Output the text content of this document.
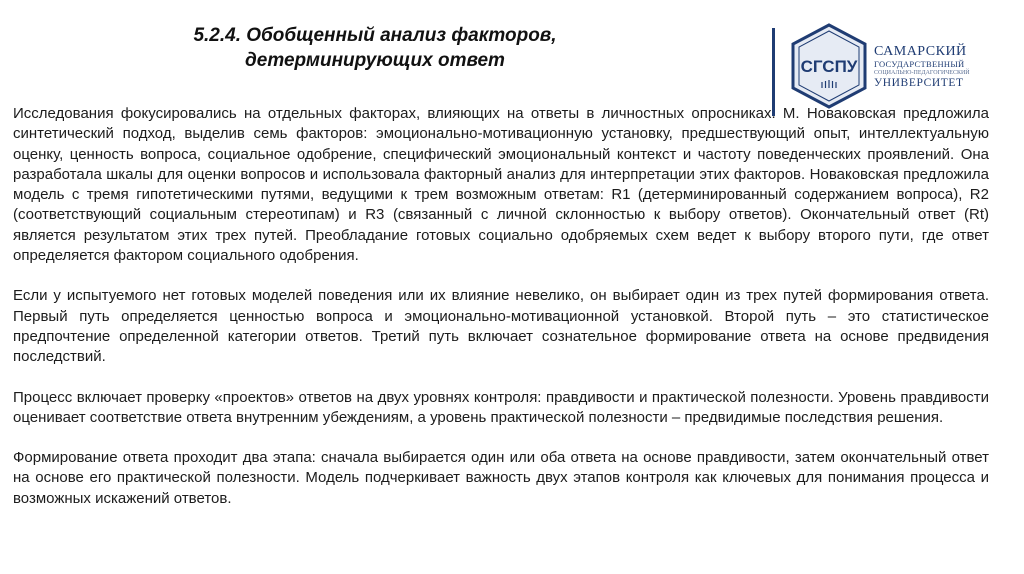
5.2.4. Обобщенный анализ факторов,
детерминирующих ответ	СГСПУ
САМАРСКИЙ
ГОСУДАРСТВЕННЫЙ
СОЦИАЛЬНО-ПЕДАГОГИЧЕСКИЙ
УНИВЕРСИТЕТ

Исследования фокусировались на отдельных факторах, влияющих на ответы в личностных опросниках. М. Новаковская предложила синтетический подход, выделив семь факторов: эмоционально-мотивационную установку, предшествующий опыт, интеллектуальную оценку, ценность вопроса, социальное одобрение, специфический эмоциональный контекст и частоту поведенческих проявлений. Она разработала шкалы для оценки вопросов и использовала факторный анализ для интерпретации этих факторов. Новаковская предложила модель с тремя гипотетическими путями, ведущими к трем возможным ответам: R1 (детерминированный содержанием вопроса), R2 (соответствующий социальным стереотипам) и R3 (связанный с личной склонностью к выбору ответов). Окончательный ответ (Rt) является результатом этих трех путей. Преобладание готовых социально одобряемых схем ведет к выбору второго пути, где ответ определяется фактором социального одобрения.

Если у испытуемого нет готовых моделей поведения или их влияние невелико, он выбирает один из трех путей формирования ответа. Первый путь определяется ценностью вопроса и эмоционально-мотивационной установкой. Второй путь – это статистическое предпочтение определенной категории ответов. Третий путь включает сознательное формирование ответа на основе предвидения последствий.

Процесс включает проверку «проектов» ответов на двух уровнях контроля: правдивости и практической полезности. Уровень правдивости оценивает соответствие ответа внутренним убеждениям, а уровень практической полезности – предвидимые последствия решения.

Формирование ответа проходит два этапа: сначала выбирается один или оба ответа на основе правдивости, затем окончательный ответ на основе его практической полезности. Модель подчеркивает важность двух этапов контроля как ключевых для понимания процесса и возможных искажений ответов.
